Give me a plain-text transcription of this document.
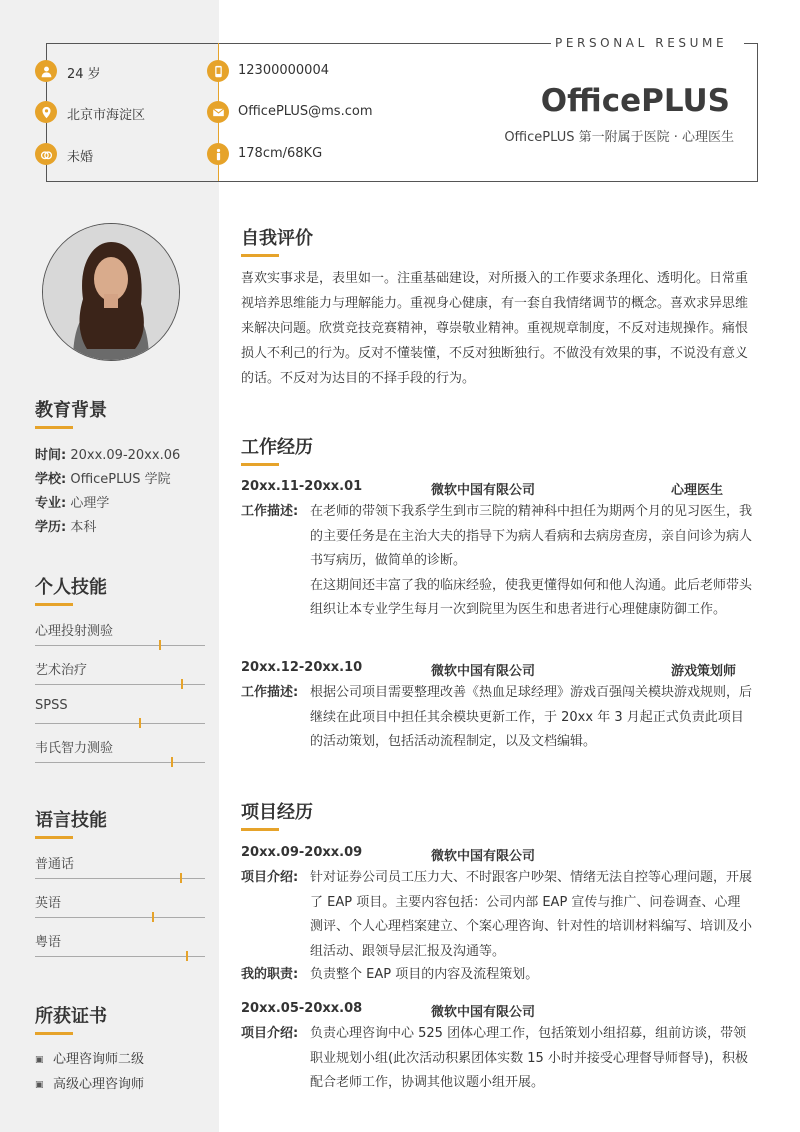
PERSONAL RESUME
24 岁
北京市海淀区
未婚
12300000004
OfficePLUS@ms.com
178cm/68KG
OfficePLUS
OfficePLUS 第一附属于医院 · 心理医生
教育背景
时间: 20xx.09-20xx.06
学校: OfficePLUS 学院
专业: 心理学
学历: 本科
个人技能
心理投射测验
艺术治疗
SPSS
韦氏智力测验
语言技能
普通话
英语
粤语
所获证书
▣ 心理咨询师二级
▣ 高级心理咨询师
自我评价
喜欢实事求是，表里如一。注重基础建设，对所摄入的工作要求条理化、透明化。日常重视培养思维能力与理解能力。重视身心健康，有一套自我情绪调节的概念。喜欢求异思维来解决问题。欣赏竞技竞赛精神，尊崇敬业精神。重视规章制度，不反对违规操作。痛恨损人不利己的行为。反对不懂装懂，不反对独断独行。不做没有效果的事，不说没有意义的话。不反对为达目的不择手段的行为。
工作经历
20xx.11-20xx.01	微软中国有限公司	心理医生
工作描述: 在老师的带领下我系学生到市三院的精神科中担任为期两个月的见习医生，我的主要任务是在主治大夫的指导下为病人看病和去病房查房，亲自问诊为病人书写病历，做简单的诊断。

在这期间还丰富了我的临床经验，使我更懂得如何和他人沟通。此后老师带头组织让本专业学生每月一次到院里为医生和患者进行心理健康防御工作。

20xx.12-20xx.10	微软中国有限公司	游戏策划师
工作描述: 根据公司项目需要整理改善《热血足球经理》游戏百强闯关模块游戏规则，后继续在此项目中担任其余模块更新工作，于 20xx 年 3 月起正式负责此项目的活动策划，包括活动流程制定，以及文档编辑。

项目经历
20xx.09-20xx.09	微软中国有限公司
项目介绍: 针对证券公司员工压力大、不时跟客户吵架、情绪无法自控等心理问题，开展了 EAP 项目。主要内容包括：公司内部 EAP 宣传与推广、问卷调查、心理测评、个人心理档案建立、个案心理咨询、针对性的培训材料编写、培训及小组活动、跟领导层汇报及沟通等。

我的职责: 负责整个 EAP 项目的内容及流程策划。

20xx.05-20xx.08	微软中国有限公司
项目介绍: 负责心理咨询中心 525 团体心理工作，包括策划小组招募，组前访谈，带领职业规划小组(此次活动积累团体实数 15 小时并接受心理督导师督导)，积极配合老师工作，协调其他议题小组开展。
